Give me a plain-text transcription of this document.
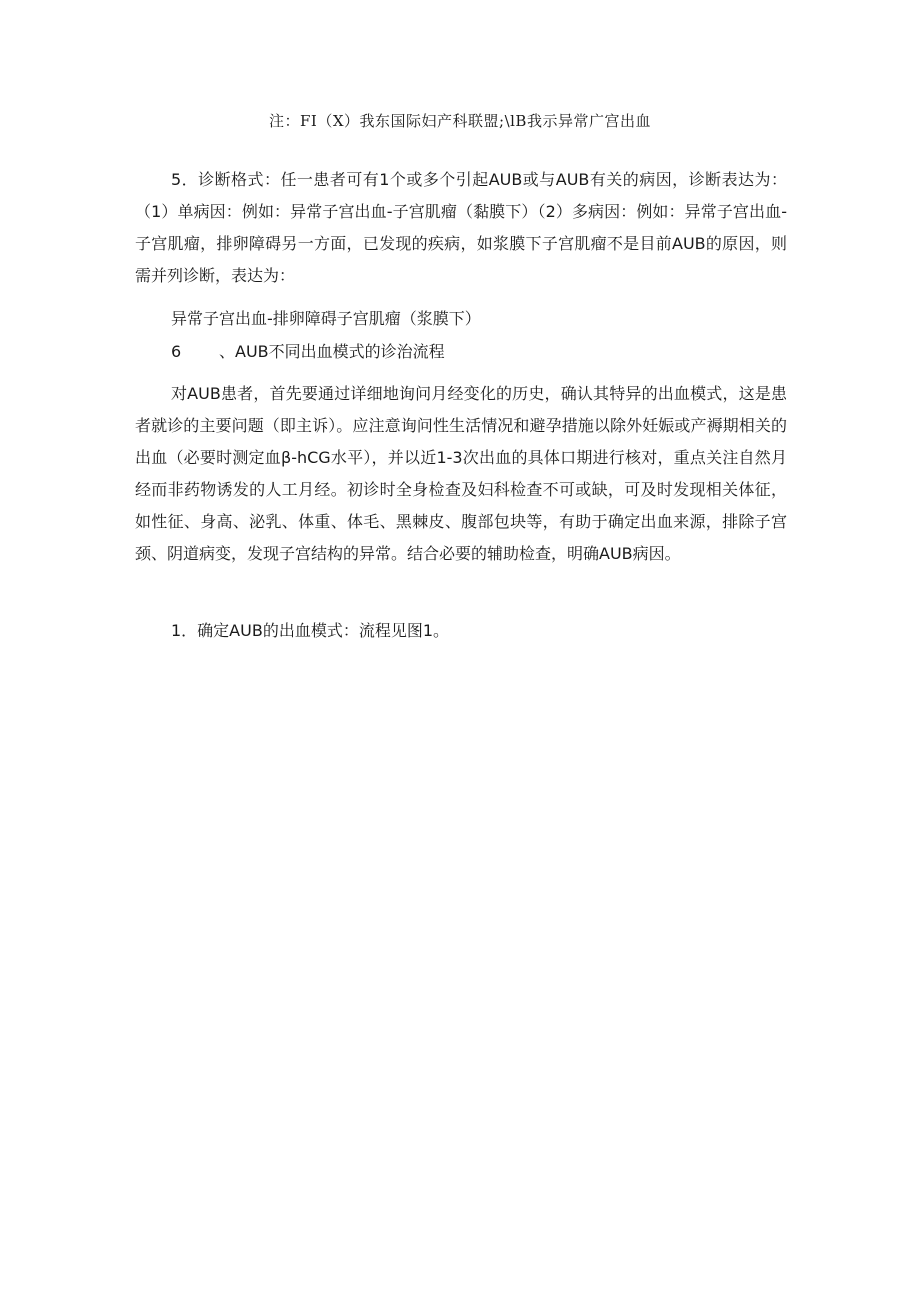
注：FI（X）我东国际妇产科联盟;\lB我示异常广宫出血

5．诊断格式：任一患者可有1个或多个引起AUB或与AUB有关的病因，诊断表达为：（1）单病因：例如：异常子宫出血-子宫肌瘤（黏膜下）（2）多病因：例如：异常子宫出血-子宫肌瘤，排卵障碍另一方面，已发现的疾病，如浆膜下子宫肌瘤不是目前AUB的原因，则需并列诊断，表达为：

异常子宫出血-排卵障碍子宫肌瘤（浆膜下）
6 、AUB不同出血模式的诊治流程

对AUB患者，首先要通过详细地询问月经变化的历史，确认其特异的出血模式，这是患者就诊的主要问题（即主诉）。应注意询问性生活情况和避孕措施以除外妊娠或产褥期相关的出血（必要时测定血β-hCG水平），并以近1-3次出血的具体口期进行核对，重点关注自然月经而非药物诱发的人工月经。初诊时全身检查及妇科检查不可或缺，可及时发现相关体征，如性征、身高、泌乳、体重、体毛、黑棘皮、腹部包块等，有助于确定出血来源，排除子宫颈、阴道病变，发现子宫结构的异常。结合必要的辅助检查，明确AUB病因。

1．确定AUB的出血模式：流程见图1。
